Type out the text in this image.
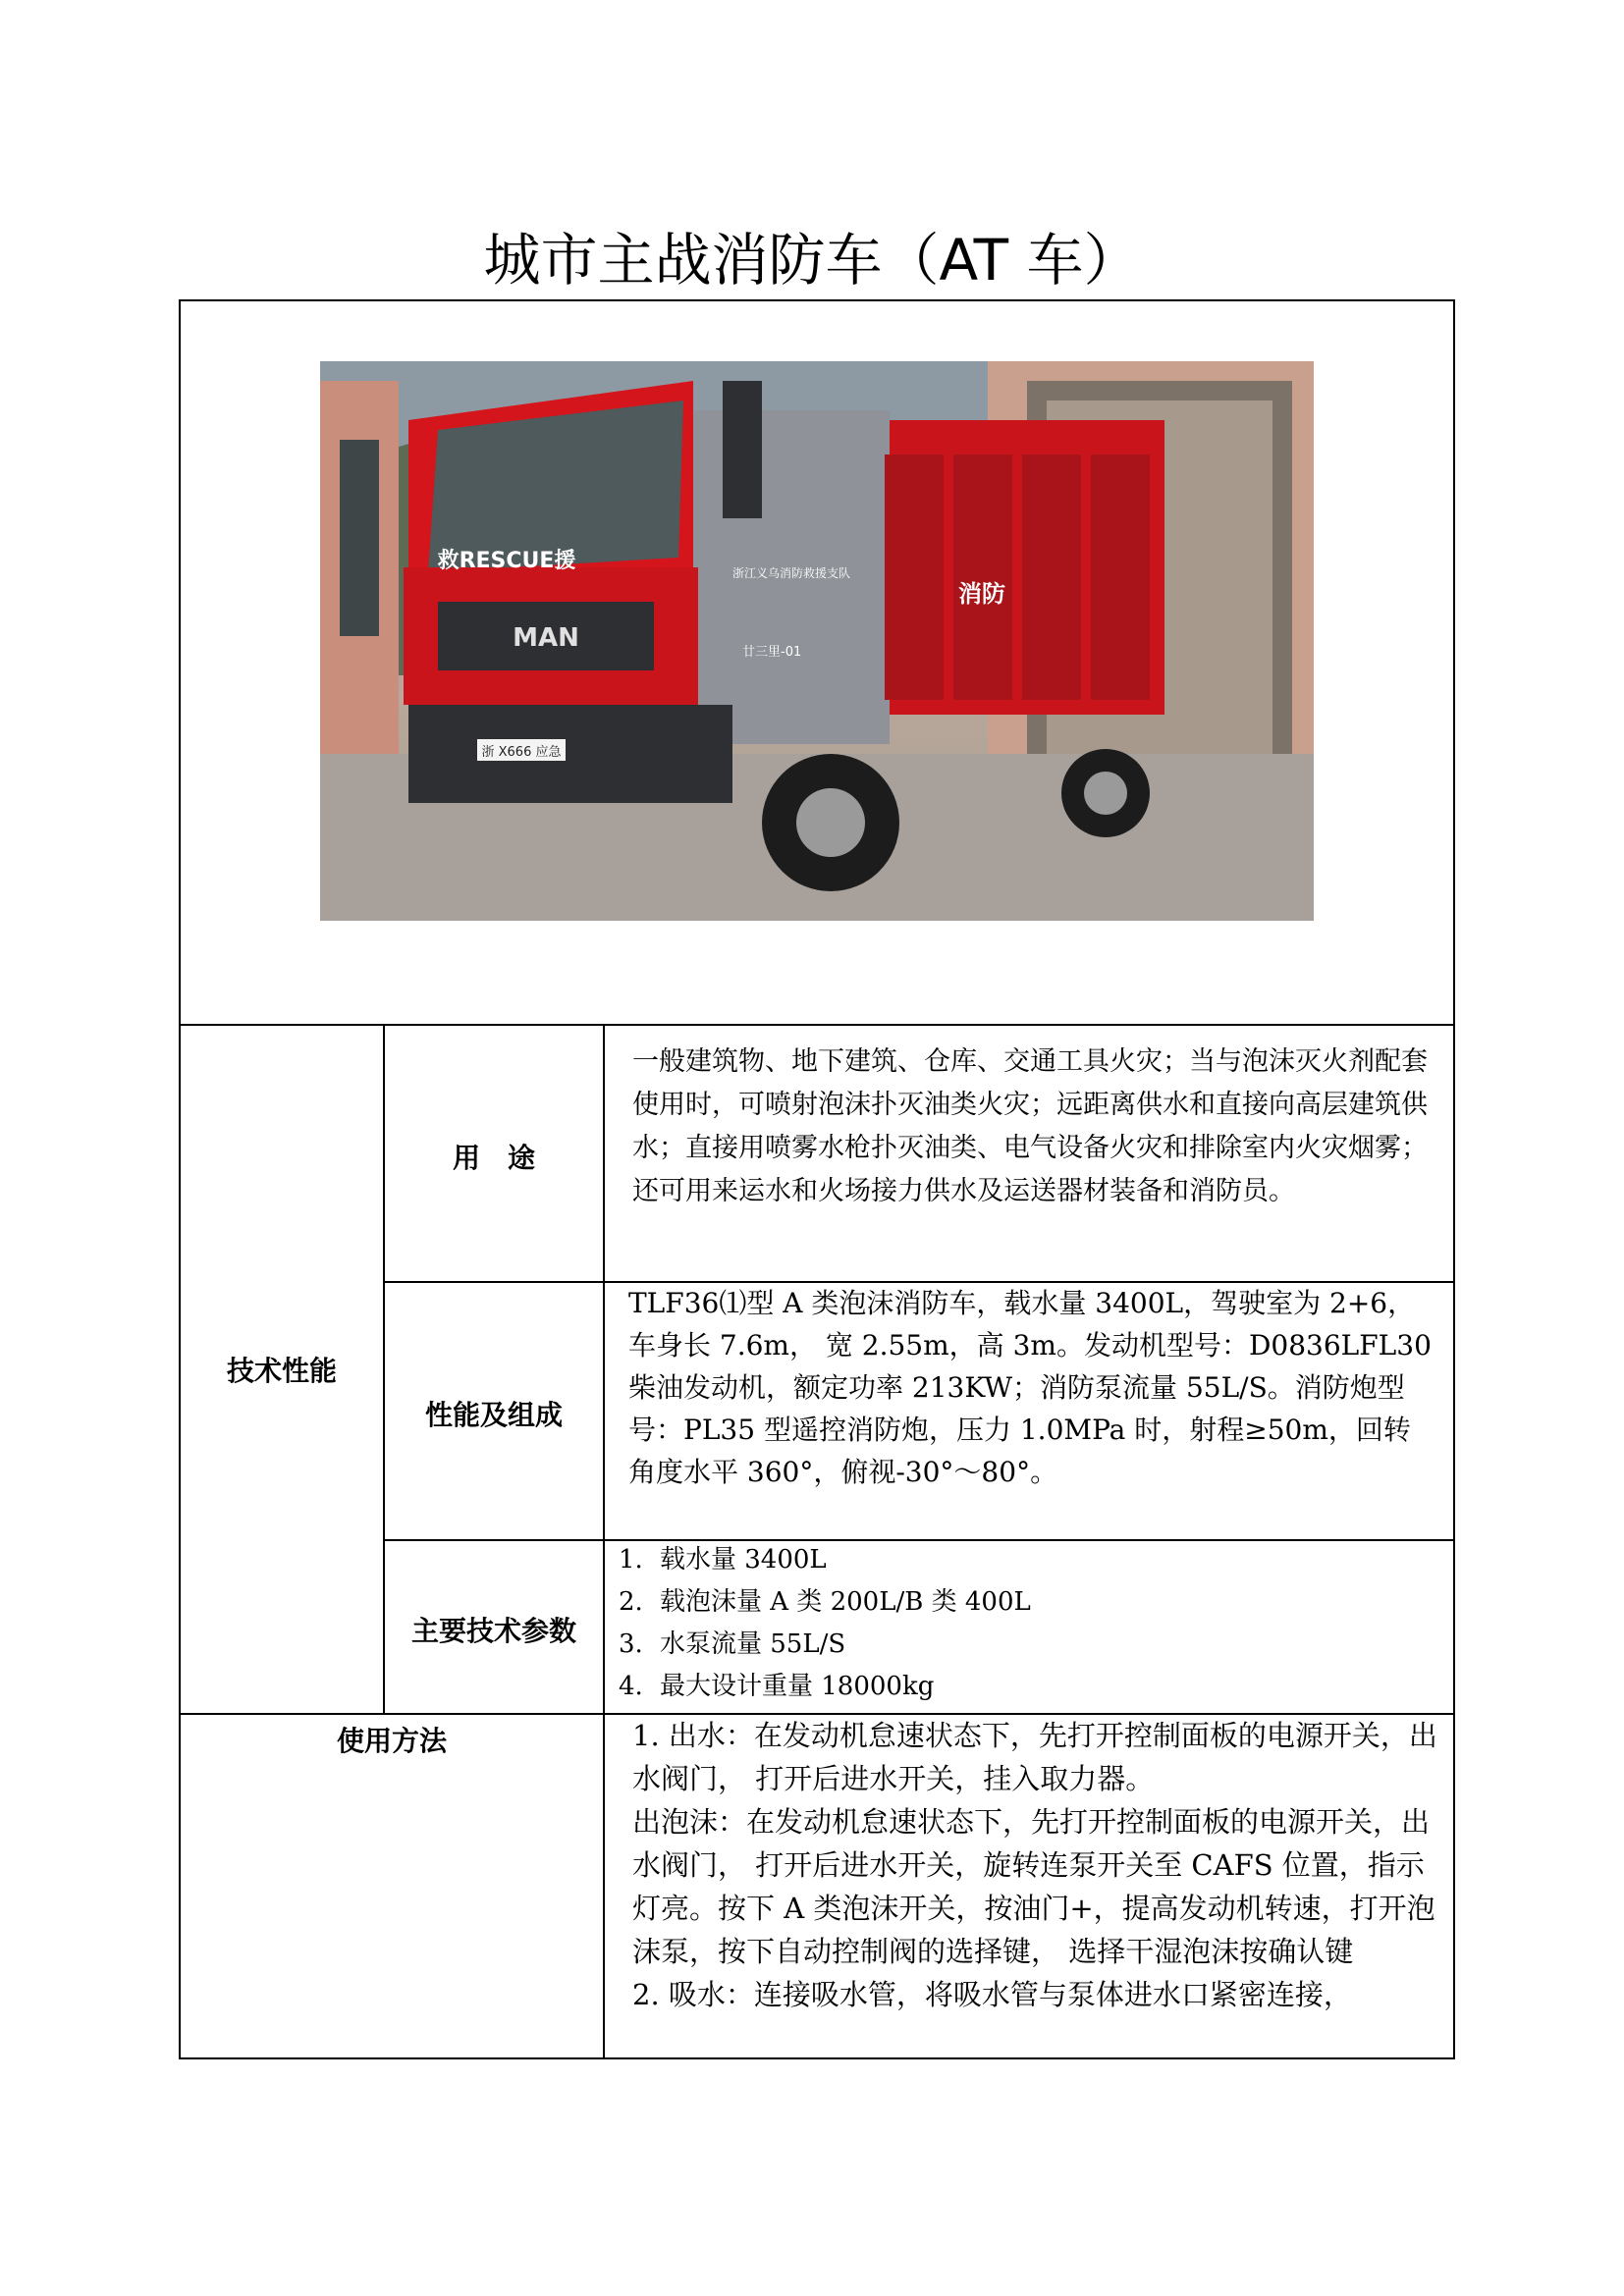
城市主战消防车（AT 车）
MAN
救RESCUE援
浙 X666 应急
消防
浙江义乌消防救援支队
廿三里-01
技术性能
用　途
性能及组成
主要技术参数
使用方法
一般建筑物、地下建筑、仓库、交通工具火灾；当与泡沫灭火剂配套使用时，可喷射泡沫扑灭油类火灾；远距离供水和直接向高层建筑供水；直接用喷雾水枪扑灭油类、电气设备火灾和排除室内火灾烟雾；还可用来运水和火场接力供水及运送器材装备和消防员。

TLF36⑴型 A 类泡沫消防车，载水量 3400L，驾驶室为 2+6，车身长 7.6m， 宽 2.55m，高 3m。发动机型号：D0836LFL30 柴油发动机，额定功率 213KW；消防泵流量 55L/S。消防炮型号：PL35 型遥控消防炮，压力 1.0MPa 时，射程≥50m，回转

角度水平 360°，俯视-30°～80°。

1. 载水量 3400L
2. 载泡沫量 A 类 200L/B 类 400L
3. 水泵流量 55L/S
4. 最大设计重量 18000kg

1. 出水：在发动机怠速状态下，先打开控制面板的电源开关，出水阀门， 打开后进水开关，挂入取力器。

出泡沫：在发动机怠速状态下，先打开控制面板的电源开关，出水阀门， 打开后进水开关，旋转连泵开关至 CAFS 位置，指示灯亮。按下 A 类泡沫开关，按油门+，提高发动机转速，打开泡沫泵，按下自动控制阀的选择键， 选择干湿泡沫按确认键

2. 吸水：连接吸水管，将吸水管与泵体进水口紧密连接，
